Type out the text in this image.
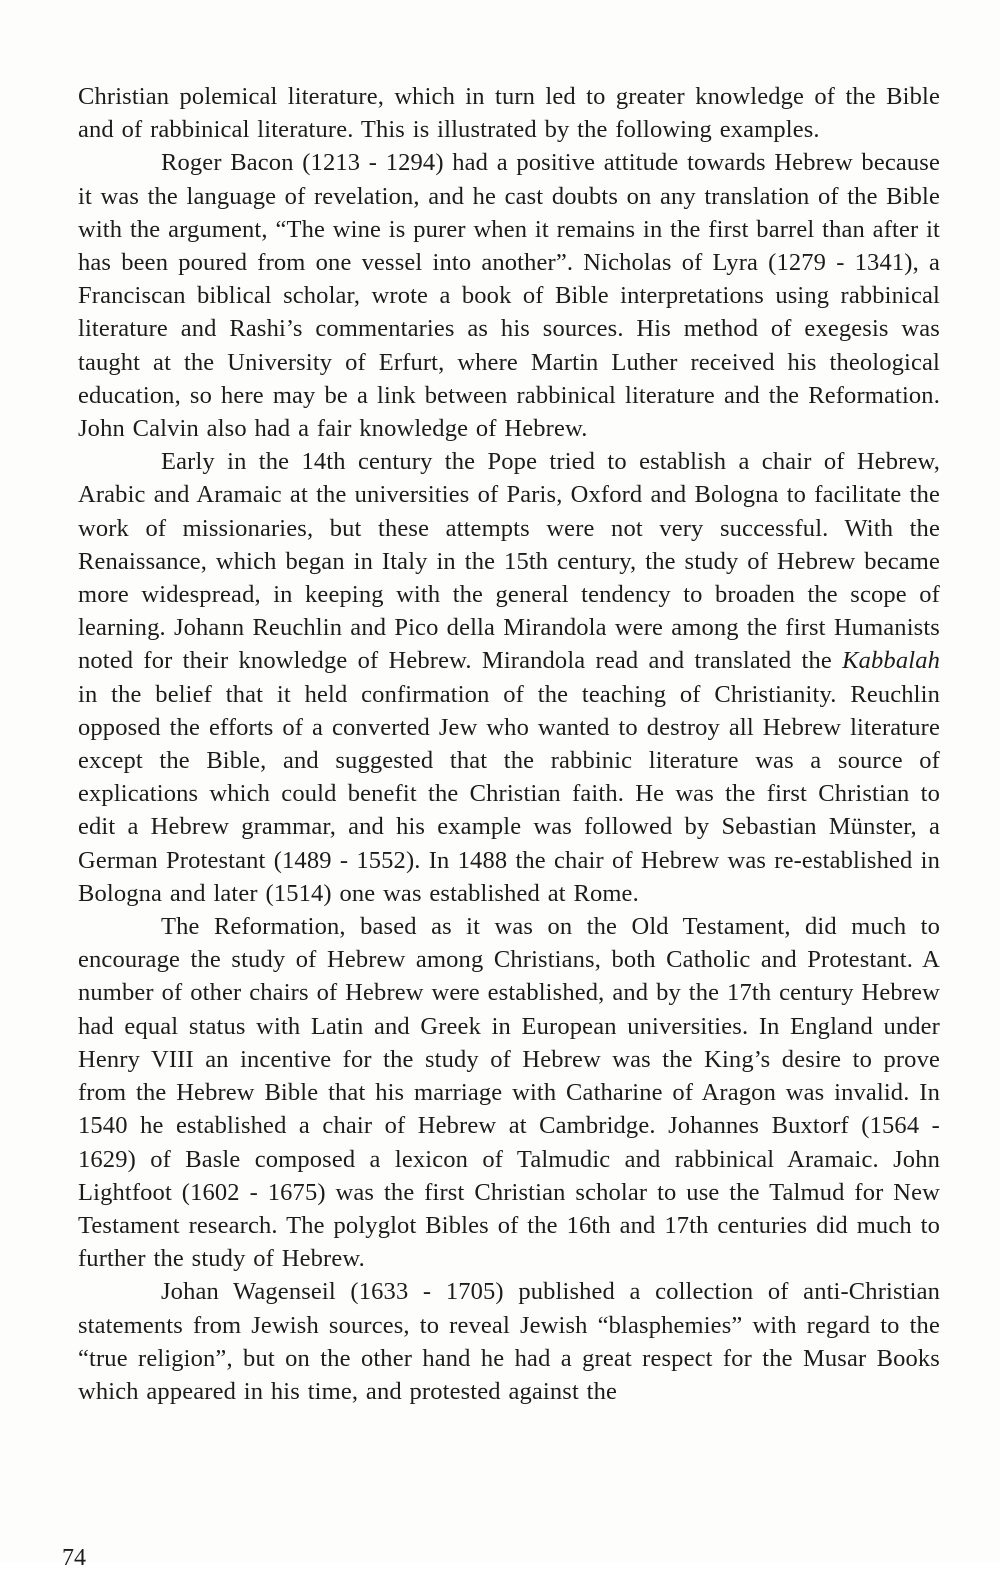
Christian polemical literature, which in turn led to greater knowledge of the Bible and of rabbinical literature. This is illustrated by the following examples.

Roger Bacon (1213 - 1294) had a positive attitude towards Hebrew because it was the language of revelation, and he cast doubts on any translation of the Bible with the argument, “The wine is purer when it remains in the first barrel than after it has been poured from one vessel into another”. Nicholas of Lyra (1279 - 1341), a Franciscan biblical scholar, wrote a book of Bible interpretations using rabbinical literature and Rashi’s commentaries as his sources. His method of exegesis was taught at the University of Erfurt, where Martin Luther received his theological education, so here may be a link between rabbinical literature and the Reformation. John Calvin also had a fair knowledge of Hebrew.

Early in the 14th century the Pope tried to establish a chair of Hebrew, Arabic and Aramaic at the universities of Paris, Oxford and Bologna to facilitate the work of missionaries, but these attempts were not very successful. With the Renaissance, which began in Italy in the 15th century, the study of Hebrew became more widespread, in keeping with the general tendency to broaden the scope of learning. Johann Reuchlin and Pico della Mirandola were among the first Humanists noted for their knowledge of Hebrew. Mirandola read and translated the Kabbalah in the belief that it held confirmation of the teaching of Christianity. Reuchlin opposed the efforts of a converted Jew who wanted to destroy all Hebrew literature except the Bible, and suggested that the rabbinic literature was a source of explications which could benefit the Christian faith. He was the first Christian to edit a Hebrew grammar, and his example was followed by Sebastian Münster, a German Protestant (1489 - 1552). In 1488 the chair of Hebrew was re-established in Bologna and later (1514) one was established at Rome.

The Reformation, based as it was on the Old Testament, did much to encourage the study of Hebrew among Christians, both Catholic and Protestant. A number of other chairs of Hebrew were established, and by the 17th century Hebrew had equal status with Latin and Greek in European universities. In England under Henry VIII an incentive for the study of Hebrew was the King’s desire to prove from the Hebrew Bible that his marriage with Catharine of Aragon was invalid. In 1540 he established a chair of Hebrew at Cambridge. Johannes Buxtorf (1564 - 1629) of Basle composed a lexicon of Talmudic and rabbinical Aramaic. John Lightfoot (1602 - 1675) was the first Christian scholar to use the Talmud for New Testament research. The polyglot Bibles of the 16th and 17th centuries did much to further the study of Hebrew.

Johan Wagenseil (1633 - 1705) published a collection of anti-Christian statements from Jewish sources, to reveal Jewish “blasphemies” with regard to the “true religion”, but on the other hand he had a great respect for the Musar Books which appeared in his time, and protested against the

74
